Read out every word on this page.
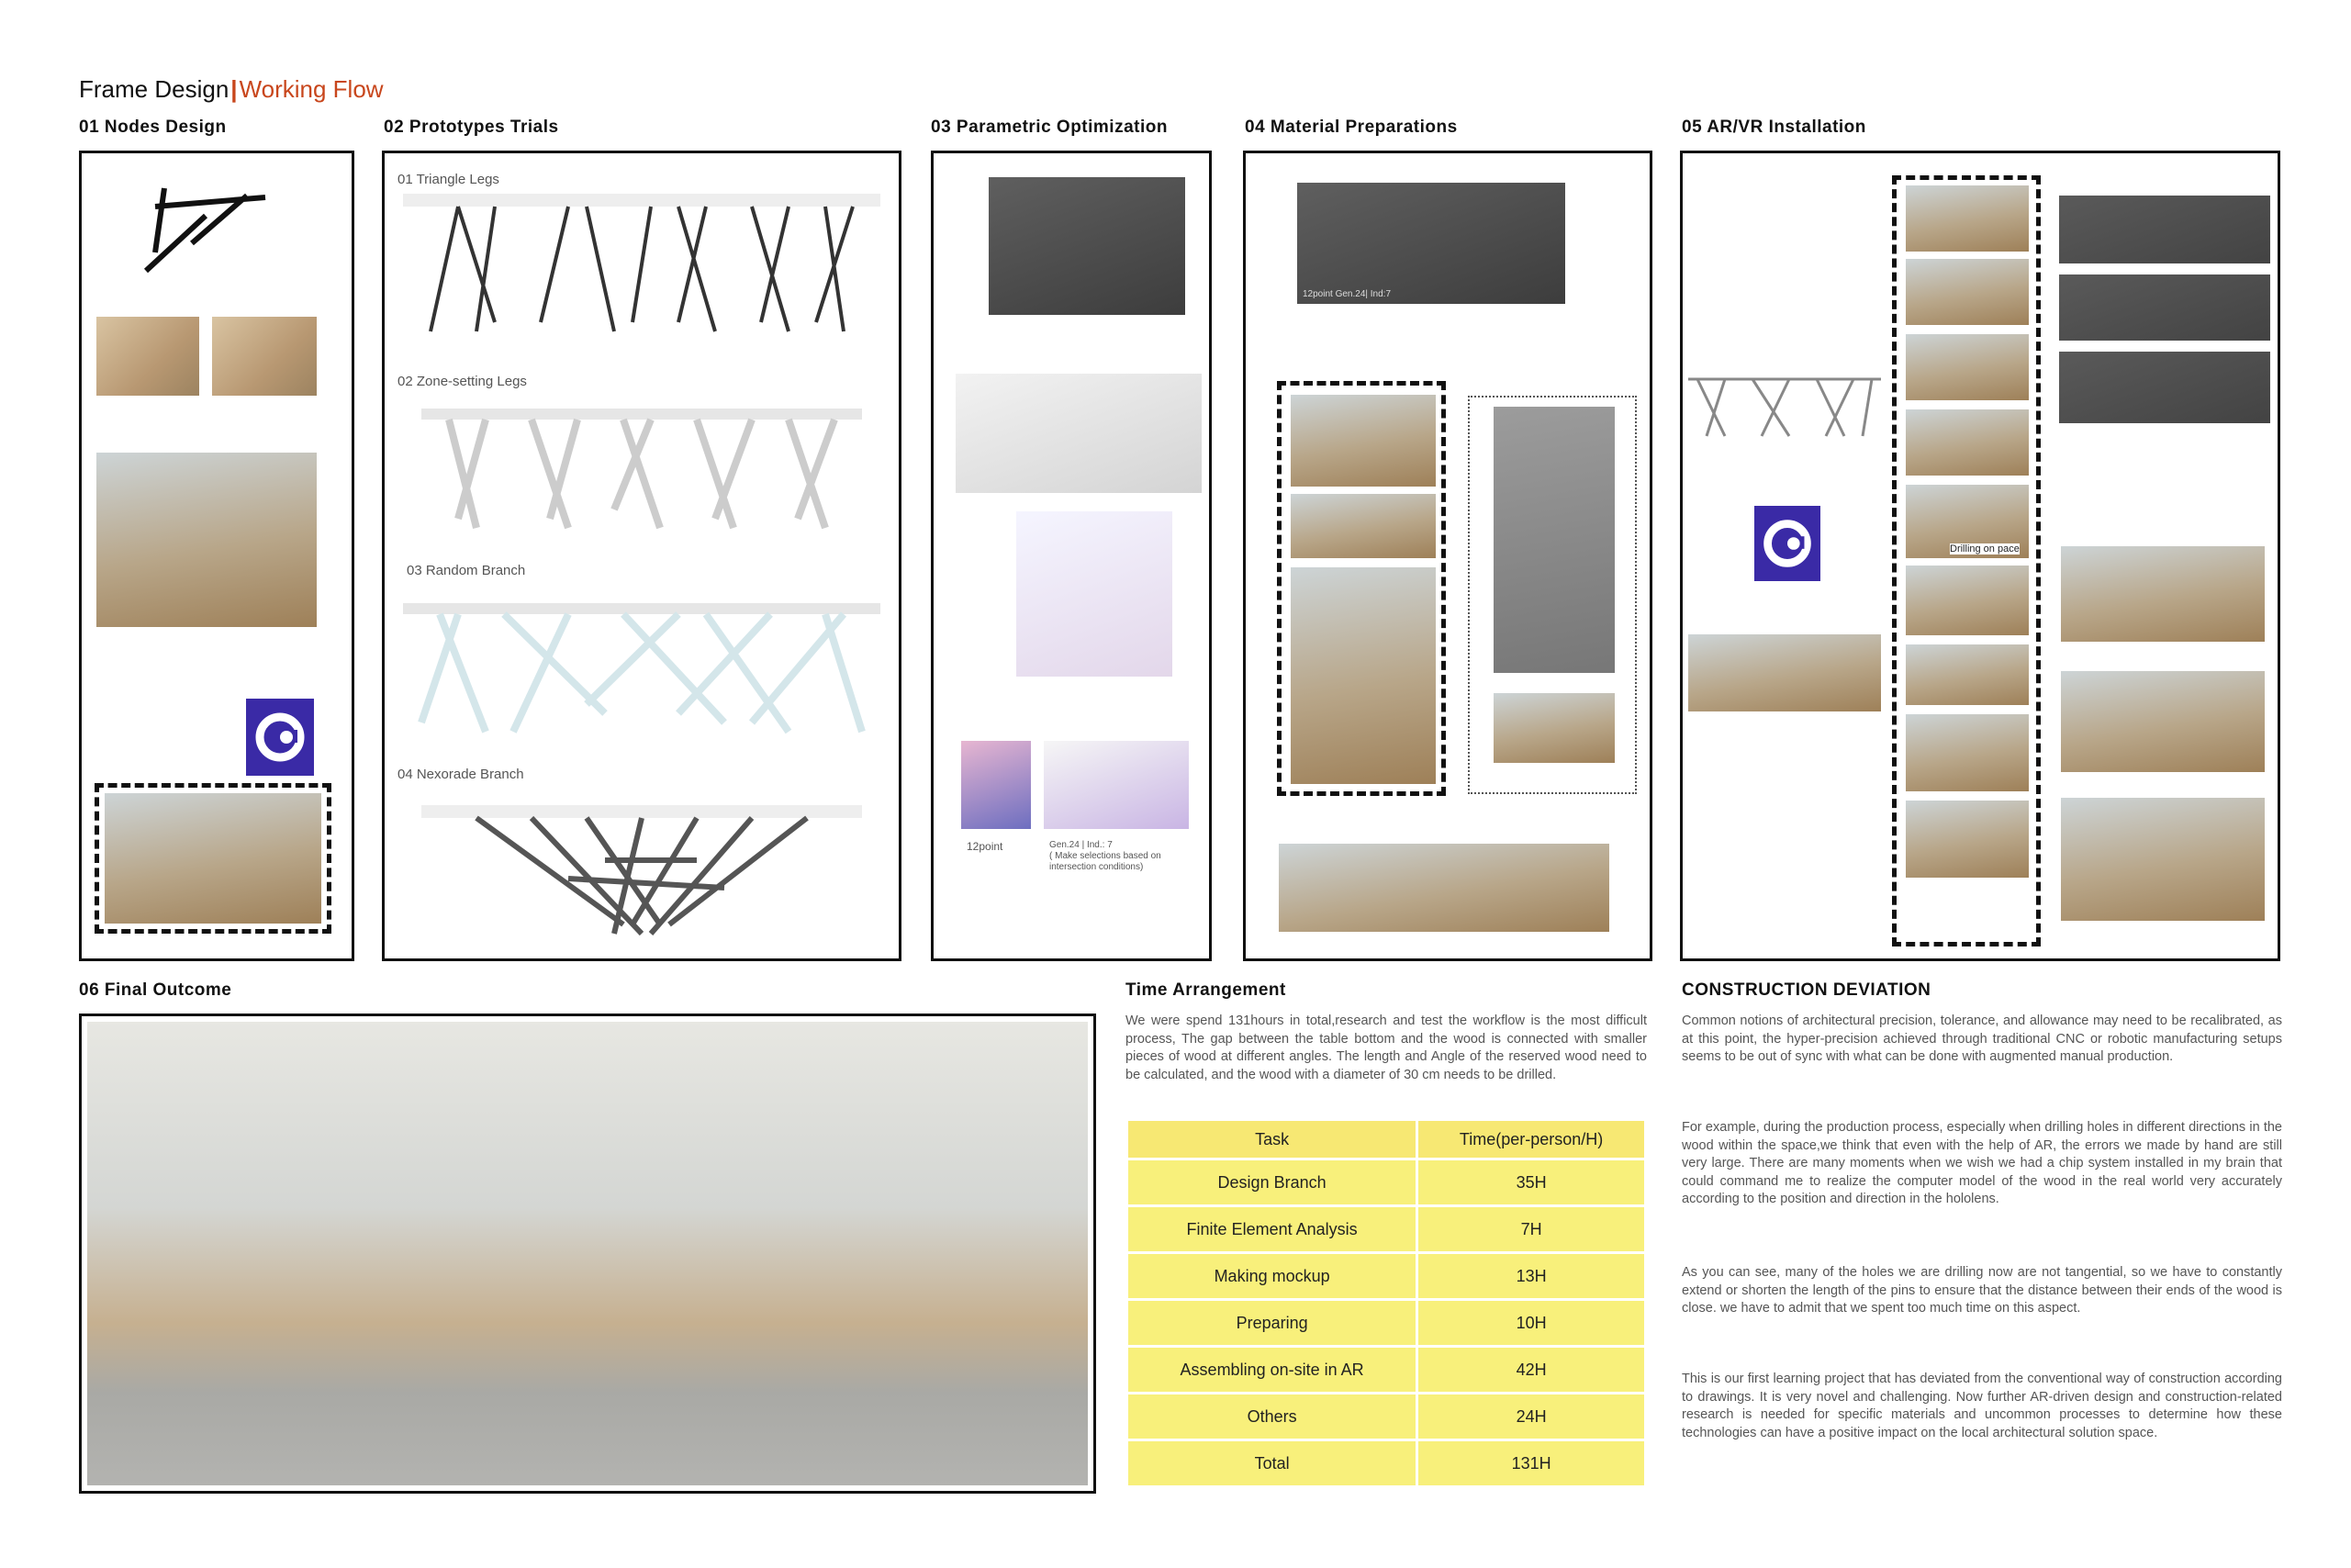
Frame Design|Working Flow
01 Nodes Design	02 Prototypes Trials	03 Parametric Optimization	04 Material Preparations	05 AR/VR Installation
01 Triangle Legs
02 Zone-setting Legs
03 Random Branch
04 Nexorade Branch
12point	Gen.24 | Ind.: 7
( Make selections based on intersection conditions)
12point Gen.24| Ind:7
Drilling on pace
06 Final Outcome	Time Arrangement
We were spend 131hours in total,research and test the workflow is the most difficult process, The gap between the table bottom and the wood is connected with smaller pieces of wood at different angles. The length and Angle of the reserved wood need to be calculated, and the wood with a diameter of 30 cm needs to be drilled.
Task	Time(per-person/H)
Design Branch	35H
Finite Element Analysis	7H
Making mockup	13H
Preparing	10H
Assembling on-site in AR	42H
Others	24H
Total	131H
CONSTRUCTION DEVIATION
Common notions of architectural precision, tolerance, and allowance may need to be recalibrated, as at this point, the hyper-precision achieved through traditional CNC or robotic manufacturing setups seems to be out of sync with what can be done with augmented manual production.
For example, during the production process, especially when drilling holes in different directions in the wood within the space,we think that even with the help of AR, the errors we made by hand are still very large. There are many moments when we wish we had a chip system installed in my brain that could command me to realize the computer model of the wood in the real world very accurately according to the position and direction in the hololens.
As you can see, many of the holes we are drilling now are not tangential, so we have to constantly extend or shorten the length of the pins to ensure that the distance between their ends of the wood is close. we have to admit that we spent too much time on this aspect.
This is our first learning project that has deviated from the conventional way of construction according to drawings. It is very novel and challenging. Now further AR-driven design and construction-related research is needed for specific materials and uncommon processes to determine how these technologies can have a positive impact on the local architectural solution space.
